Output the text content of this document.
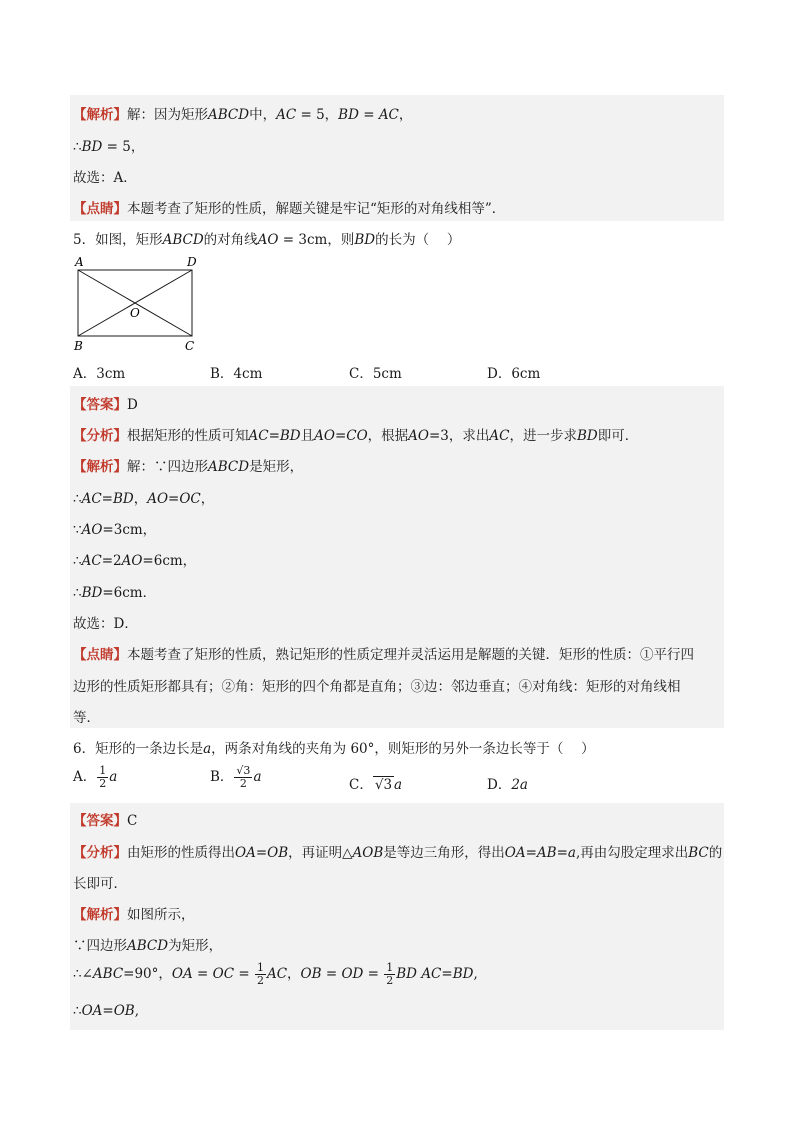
【解析】解：因为矩形ABCD中，AC = 5，BD = AC，
∴BD = 5，
故选：A．
【点睛】本题考查了矩形的性质，解题关键是牢记“矩形的对角线相等”．
5．如图，矩形ABCD的对角线AO = 3cm，则BD的长为（　 ）
A	D
O
B	C
A．3cm	B．4cm	C．5cm	D．6cm
【答案】D
【分析】根据矩形的性质可知AC=BD且AO=CO，根据AO=3，求出AC，进一步求BD即可．
【解析】解：∵四边形ABCD是矩形，
∴AC=BD，AO=OC，
∵AO=3cm，
∴AC=2AO=6cm，
∴BD=6cm．
故选：D．
【点睛】本题考查了矩形的性质，熟记矩形的性质定理并灵活运用是解题的关键．矩形的性质：①平行四
边形的性质矩形都具有；②角：矩形的四个角都是直角；③边：邻边垂直；④对角线：矩形的对角线相
等．
6．矩形的一条边长是a，两条对角线的夹角为 60°，则矩形的另外一条边长等于（　 ）
A． $\frac{1}{2}$ a	B． $\frac{√3}{2}$ a	C． √3 a	D．2a
【答案】C
【分析】由矩形的性质得出OA=OB，再证明△AOB是等边三角形，得出OA=AB=a,再由勾股定理求出BC的
长即可．
【解析】如图所示，
∵四边形ABCD为矩形，
∴∠ABC=90°，OA = OC = $\frac{1}{2}$ AC，OB = OD = $\frac{1}{2}$ BD AC=BD,
∴OA=OB,
